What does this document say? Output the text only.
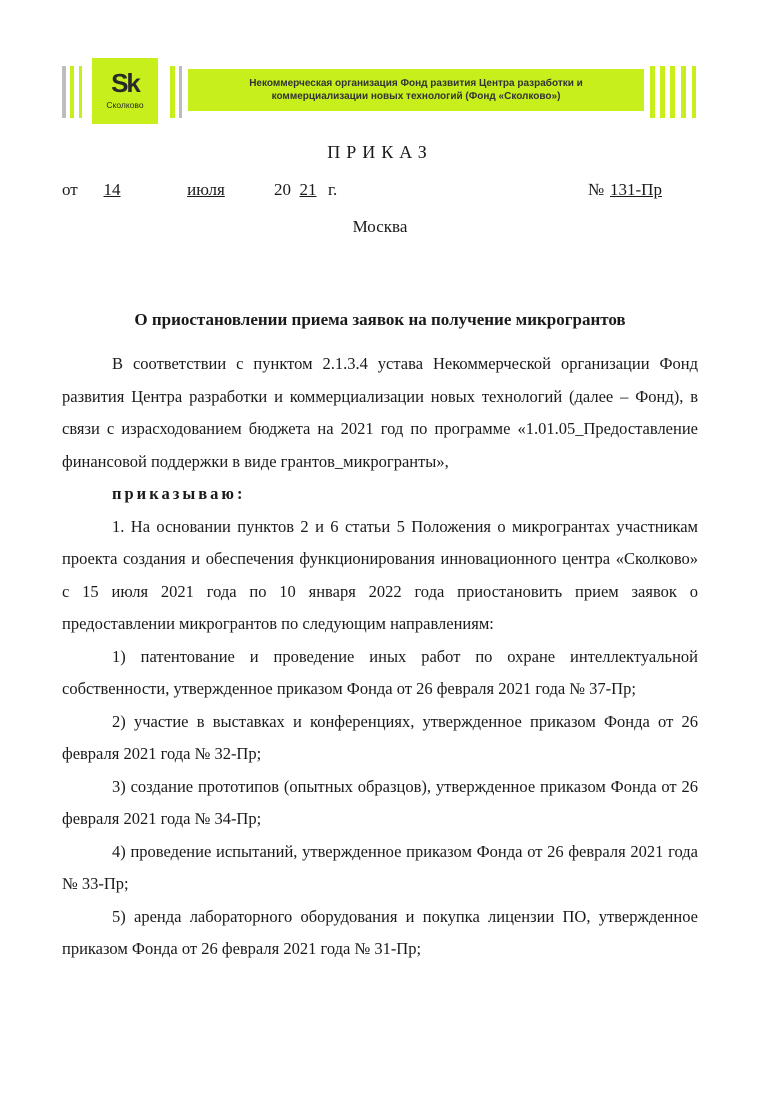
Sk
Сколково
Некоммерческая организация Фонд развития Центра разработки и
коммерциализации новых технологий (Фонд «Сколково»)
ПРИКАЗ
от	14	июля	20 21 г.	№ 131-Пр
Москва
О приостановлении приема заявок на получение микрогрантов

В соответствии с пунктом 2.1.3.4 устава Некоммерческой организации Фонд развития Центра разработки и коммерциализации новых технологий (далее – Фонд), в связи с израсходованием бюджета на 2021 год по программе «1.01.05_Предоставление финансовой поддержки в виде грантов_микрогранты»,

приказываю:

1. На основании пунктов 2 и 6 статьи 5 Положения о микрогрантах участникам проекта создания и обеспечения функционирования инновационного центра «Сколково» с 15 июля 2021 года по 10 января 2022 года приостановить прием заявок о предоставлении микрогрантов по следующим направлениям:

1) патентование и проведение иных работ по охране интеллектуальной собственности, утвержденное приказом Фонда от 26 февраля 2021 года № 37-Пр;

2) участие в выставках и конференциях, утвержденное приказом Фонда от 26 февраля 2021 года № 32-Пр;

3) создание прототипов (опытных образцов), утвержденное приказом Фонда от 26 февраля 2021 года № 34-Пр;

4) проведение испытаний, утвержденное приказом Фонда от 26 февраля 2021 года № 33-Пр;

5) аренда лабораторного оборудования и покупка лицензии ПО, утвержденное приказом Фонда от 26 февраля 2021 года № 31-Пр;
